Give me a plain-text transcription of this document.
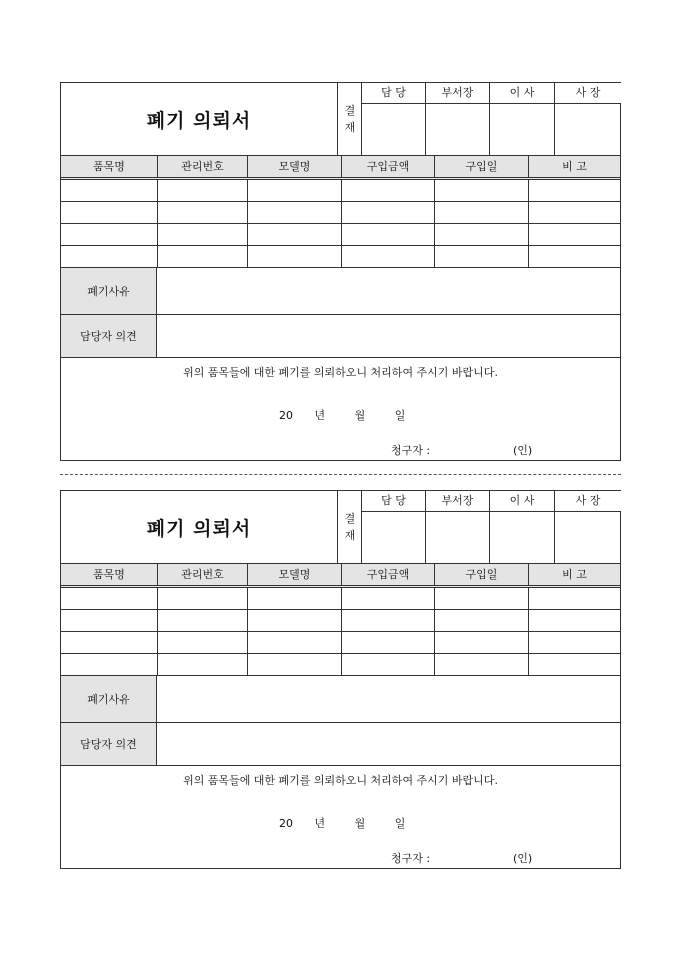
폐기 의뢰서	결
재
담 당	부서장	이 사	사 장
품목명	관리번호	모델명	구입금액	구입일	비 고
폐기사유
담당자 의견
위의 품목들에 대한 폐기를 의뢰하오니 처리하여 주시기 바랍니다.
20 년	월	일
청구자 :	(인)
폐기 의뢰서	결
재
담 당	부서장	이 사	사 장
품목명	관리번호	모델명	구입금액	구입일	비 고
폐기사유
담당자 의견
위의 품목들에 대한 폐기를 의뢰하오니 처리하여 주시기 바랍니다.
20 년	월	일
청구자 :	(인)
